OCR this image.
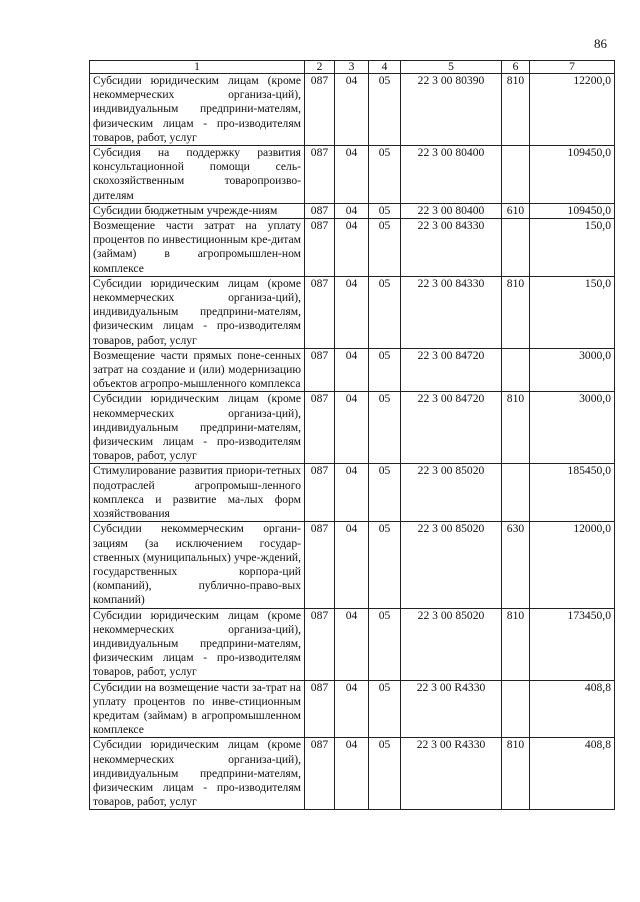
86
1	2	3	4	5	6	7
Субсидии юридическим лицам (кроме некоммерческих организа-ций), индивидуальным предприни-мателям, физическим лицам - про-изводителям товаров, работ, услуг	087	04	05	22 3 00 80390	810	12200,0
Субсидия на поддержку развития консультационной помощи сель-скохозяйственным товаропроизво-дителям	087	04	05	22 3 00 80400		109450,0
Субсидии бюджетным учрежде-ниям	087	04	05	22 3 00 80400	610	109450,0
Возмещение части затрат на уплату процентов по инвестиционным кре-дитам (займам) в агропромышлен-ном комплексе	087	04	05	22 3 00 84330		150,0
Субсидии юридическим лицам (кроме некоммерческих организа-ций), индивидуальным предприни-мателям, физическим лицам - про-изводителям товаров, работ, услуг	087	04	05	22 3 00 84330	810	150,0
Возмещение части прямых поне-сенных затрат на создание и (или) модернизацию объектов агропро-мышленного комплекса	087	04	05	22 3 00 84720		3000,0
Субсидии юридическим лицам (кроме некоммерческих организа-ций), индивидуальным предприни-мателям, физическим лицам - про-изводителям товаров, работ, услуг	087	04	05	22 3 00 84720	810	3000,0
Стимулирование развития приори-тетных подотраслей агропромыш-ленного комплекса и развитие ма-лых форм хозяйствования	087	04	05	22 3 00 85020		185450,0
Субсидии некоммерческим органи-зациям (за исключением государ-ственных (муниципальных) учре-ждений, государственных корпора-ций (компаний), публично-право-вых компаний)	087	04	05	22 3 00 85020	630	12000,0
Субсидии юридическим лицам (кроме некоммерческих организа-ций), индивидуальным предприни-мателям, физическим лицам - про-изводителям товаров, работ, услуг	087	04	05	22 3 00 85020	810	173450,0
Субсидии на возмещение части за-трат на уплату процентов по инве-стиционным кредитам (займам) в агропромышленном комплексе	087	04	05	22 3 00 R4330		408,8
Субсидии юридическим лицам (кроме некоммерческих организа-ций), индивидуальным предприни-мателям, физическим лицам - про-изводителям товаров, работ, услуг	087	04	05	22 3 00 R4330	810	408,8
